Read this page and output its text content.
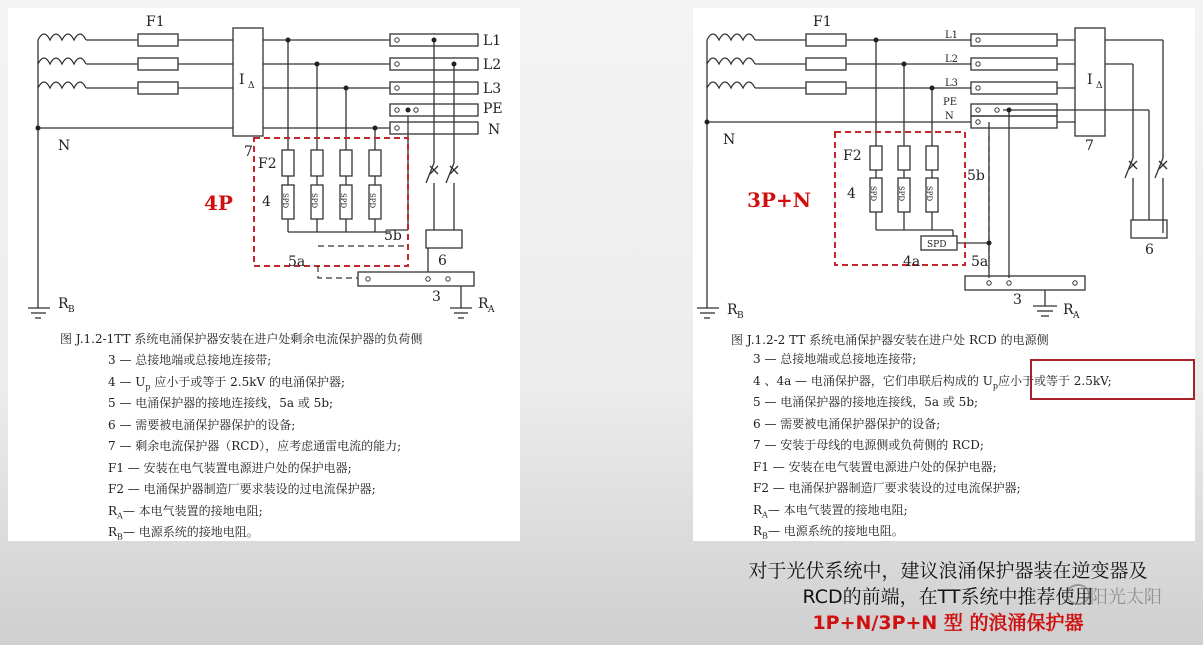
F1
I Δ
L1
L2
L3
PE
N
N	7
F2
4
5b
5a	6
3
R B	R A
SPD	SPD	SPD	SPD
4P
图 J.1.2-1TT 系统电涌保护器安装在进户处剩余电流保护器的负荷侧
3 — 总接地端或总接地连接带;
4 — $U_p$ 应小于或等于 2.5kV 的电涌保护器;
5 — 电涌保护器的接地连接线，5a 或 5b;
6 — 需要被电涌保护器保护的设备;
7 — 剩余电流保护器（RCD），应考虑通雷电流的能力;
F1 — 安装在电气装置电源进户处的保护电器;
F2 — 电涌保护器制造厂要求装设的过电流保护器;
$R_A—$ 本电气装置的接地电阻;
$R_B—$ 电源系统的接地电阻。
F1
I Δ
N	7
F2
4
5b
4a	5a
6
3
R B	R A
L1
L2
L3
PE
N
SPD
SPD	SPD	SPD
3P+N
图 J.1.2-2 TT 系统电涌保护器安装在进户处 RCD 的电源侧
3 — 总接地端或总接地连接带;
4 、4a — 电涌保护器，它们串联后构成的 $U_p$应小于或等于 2.5kV;
5 — 电涌保护器的接地连接线，5a 或 5b;
6 — 需要被电涌保护器保护的设备;
7 — 安装于母线的电源侧或负荷侧的 RCD;
F1 — 安装在电气装置电源进户处的保护电器;
F2 — 电涌保护器制造厂要求装设的过电流保护器;
$R_A—$ 本电气装置的接地电阻;
$R_B—$ 电源系统的接地电阻。
对于光伏系统中，建议浪涌保护器装在逆变器及
RCD的前端，在TT系统中推荐使用
1P+N/3P+N 型 的浪涌保护器
阳光太阳
